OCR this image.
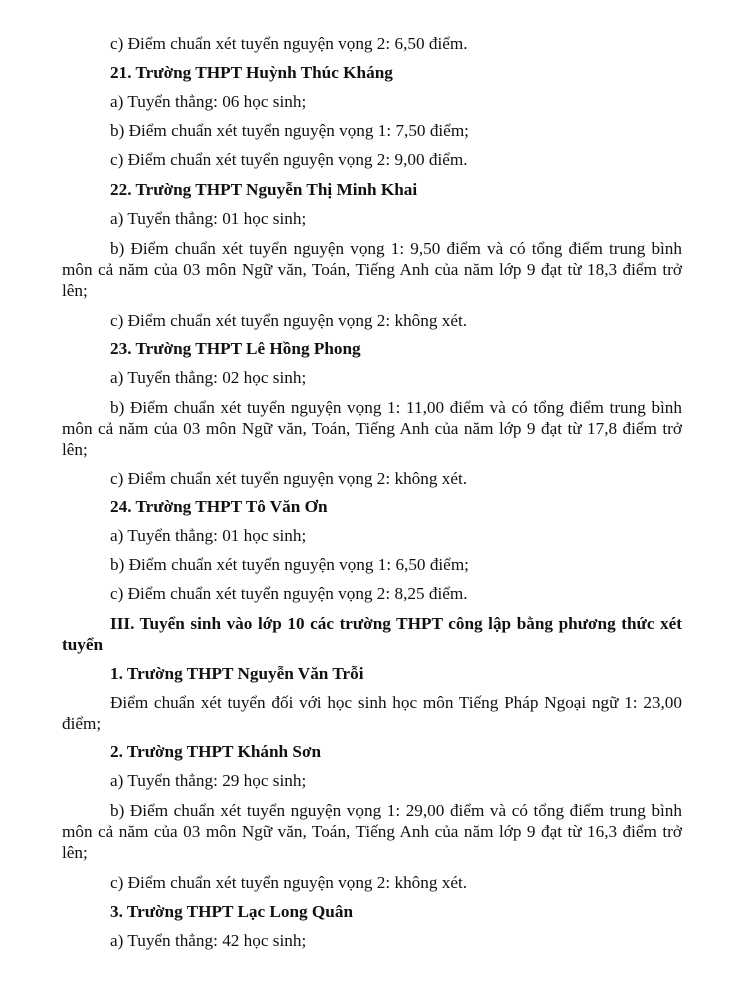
c) Điểm chuẩn xét tuyển nguyện vọng 2: 6,50 điểm.
21. Trường THPT Huỳnh Thúc Kháng
a) Tuyển thẳng: 06 học sinh;
b) Điểm chuẩn xét tuyển nguyện vọng 1: 7,50 điểm;
c) Điểm chuẩn xét tuyển nguyện vọng 2: 9,00 điểm.
22. Trường THPT Nguyễn Thị Minh Khai
a) Tuyển thẳng: 01 học sinh;
b) Điểm chuẩn xét tuyển nguyện vọng 1: 9,50 điểm và có tổng điểm trung bình môn cả năm của 03 môn Ngữ văn, Toán, Tiếng Anh của năm lớp 9 đạt từ 18,3 điểm trở lên;
c) Điểm chuẩn xét tuyển nguyện vọng 2: không xét.
23. Trường THPT Lê Hồng Phong
a) Tuyển thẳng: 02 học sinh;
b) Điểm chuẩn xét tuyển nguyện vọng 1: 11,00 điểm và có tổng điểm trung bình môn cả năm của 03 môn Ngữ văn, Toán, Tiếng Anh của năm lớp 9 đạt từ 17,8 điểm trở lên;
c) Điểm chuẩn xét tuyển nguyện vọng 2: không xét.
24. Trường THPT Tô Văn Ơn
a) Tuyển thẳng: 01 học sinh;
b) Điểm chuẩn xét tuyển nguyện vọng 1: 6,50 điểm;
c) Điểm chuẩn xét tuyển nguyện vọng 2: 8,25 điểm.
III. Tuyển sinh vào lớp 10 các trường THPT công lập bằng phương thức xét tuyển
1. Trường THPT Nguyễn Văn Trỗi
Điểm chuẩn xét tuyển đối với học sinh học môn Tiếng Pháp Ngoại ngữ 1: 23,00 điểm;
2. Trường THPT Khánh Sơn
a) Tuyển thẳng: 29 học sinh;
b) Điểm chuẩn xét tuyển nguyện vọng 1: 29,00 điểm và có tổng điểm trung bình môn cả năm của 03 môn Ngữ văn, Toán, Tiếng Anh của năm lớp 9 đạt từ 16,3 điểm trở lên;
c) Điểm chuẩn xét tuyển nguyện vọng 2: không xét.
3. Trường THPT Lạc Long Quân
a) Tuyển thẳng: 42 học sinh;
